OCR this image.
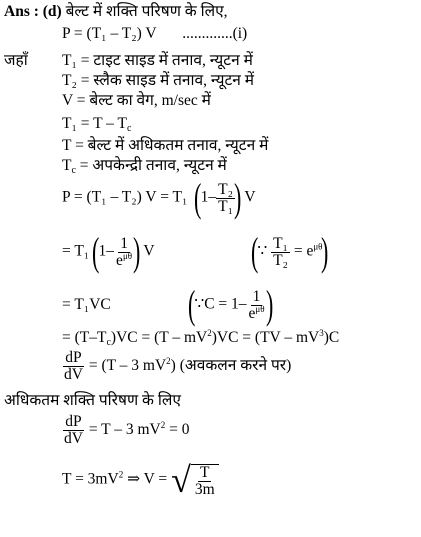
Ans : (d) बेल्ट में शक्ति परिषण के लिए,
P = (T₁ – T₂) V .............(i)
जहाँ T₁ = टाइट साइड में तनाव, न्यूटन में
T₂ = स्लैक साइड में तनाव, न्यूटन में
V = बेल्ट का वेग, m/sec में
$T_1 = T - T_c$
T = बेल्ट में अधिकतम तनाव, न्यूटन में
$T_c$ = अपकेन्द्री तनाव, न्यूटन में
P = (T₁ – T₂) V = T₁ ($1- \frac{\text{T₂}}{\text{T₁}}$
) V
= $T_1(1- \frac{1}{e^{\mu\theta}}$
) V (∵ $\frac{\text{T₁}}{\text{T₂}} = e^{\mu\theta}$)
= T₁VC (∵C = $1- \frac{1}{e^{\mu\theta}}$
)
= $(T-T_c)VC = (T - mV^2)VC = (TV - mV^3)C$
$\frac{dP}{dV} = (T - 3$ $mV^2$) (अवकलन करने पर)
अधिकतम शक्ति परिषण के लिए
$\frac{dP}{dV} = T - 3$ $mV^2 = 0$
$T = 3mV^2$ ⇒ V = √ $\frac{T}{3m}$
